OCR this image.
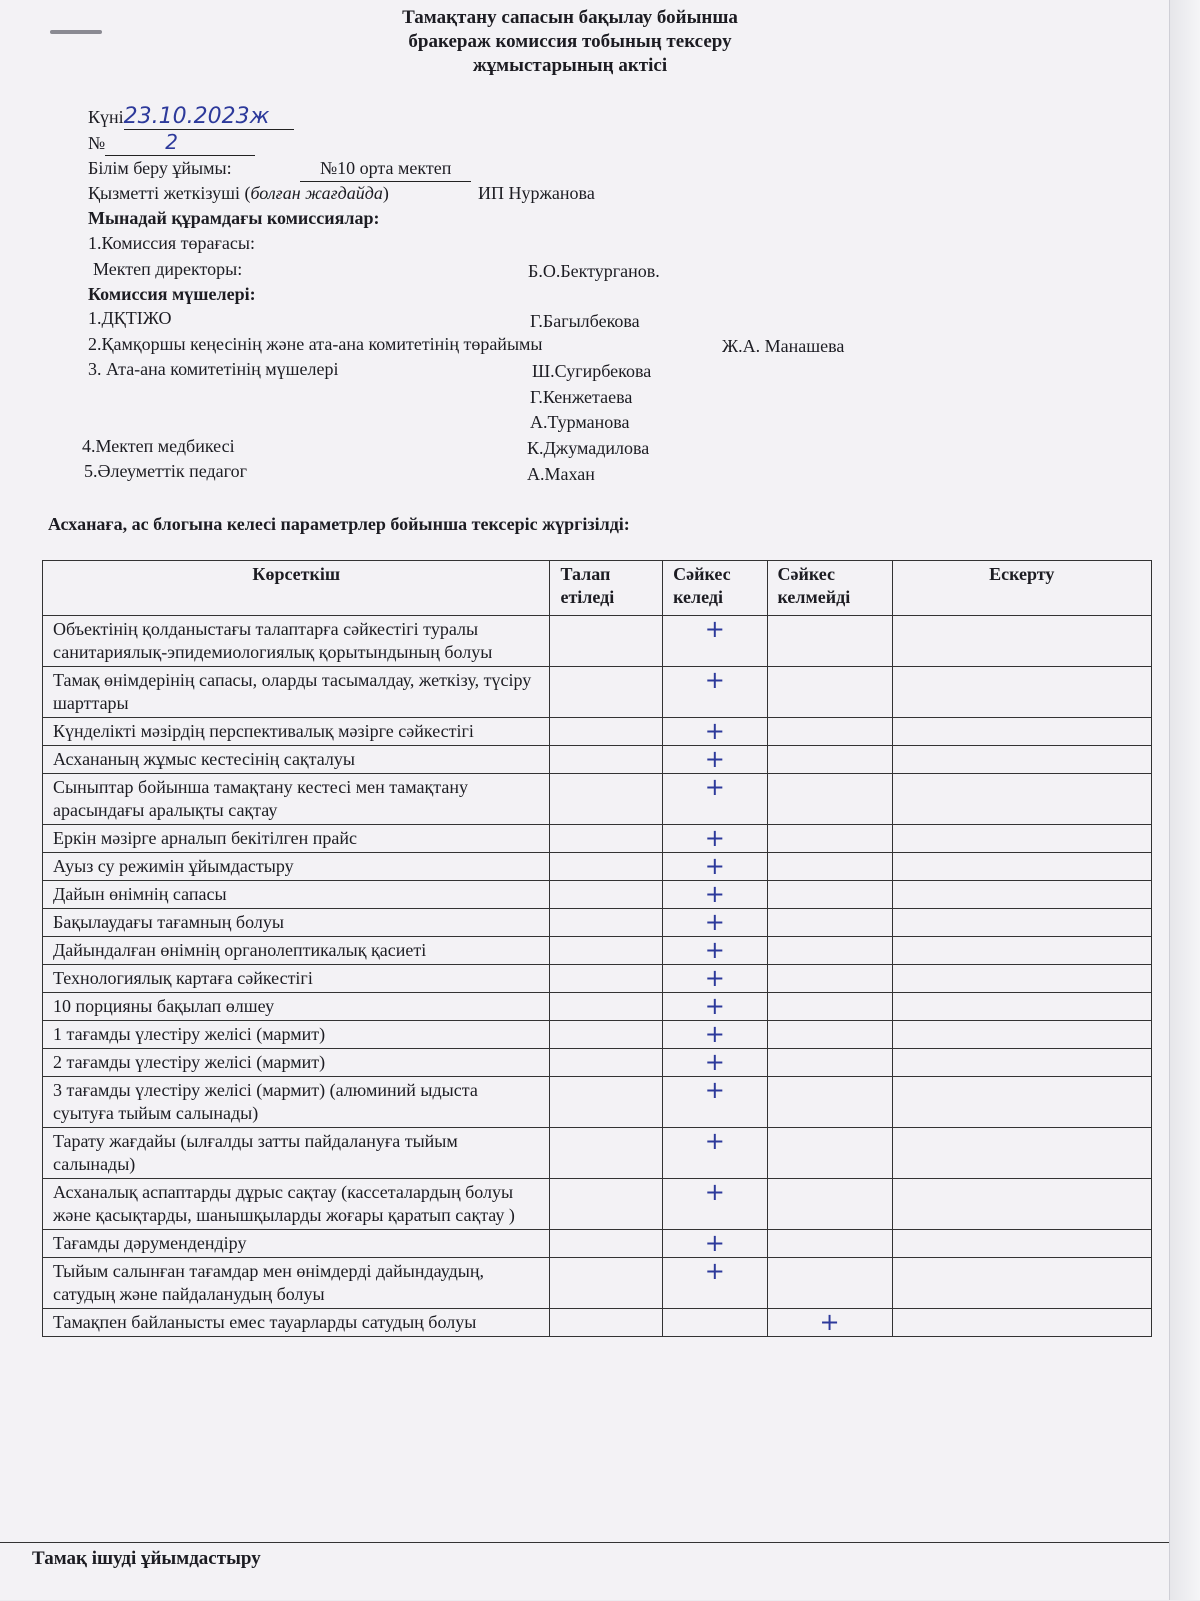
Тамақтану сапасын бақылау бойынша
бракераж комиссия тобының тексеру
жұмыстарының актісі
Күні23.10.2023ж
№	2
Білім беру ұйымы:	№10 орта мектеп
Қызметті жеткізуші (болған жағдайда)	ИП Нуржанова
Мынадай құрамдағы комиссиялар:
1.Комиссия төрағасы:
Мектеп директоры:	Б.О.Бектурганов.
Комиссия мүшелері:
1.ДҚТІЖО	Г.Багылбекова
2.Қамқоршы кеңесінің және ата-ана комитетінің төрайымы	Ж.А. Манашева
3. Ата-ана комитетінің мүшелері	Ш.Сугирбекова
Г.Кенжетаева
А.Турманова
4.Мектеп медбикесі	К.Джумадилова
5.Әлеуметтік педагог	А.Махан
Асханаға, ас блогына келесі параметрлер бойынша тексеріс жүргізілді:
Көрсеткіш	Талап етіледі	Сәйкес келеді	Сәйкес келмейді	Ескерту
Объектінің қолданыстағы талаптарға сәйкестігі туралы санитариялық-эпидемиологиялық қорытындының болуы		+		
Тамақ өнімдерінің сапасы, оларды тасымалдау, жеткізу, түсіру шарттары		+		
Күнделікті мәзірдің перспективалық мәзірге сәйкестігі		+		
Асхананың жұмыс кестесінің сақталуы		+		
Сыныптар бойынша тамақтану кестесі мен тамақтану арасындағы аралықты сақтау		+		
Еркін мәзірге арналып бекітілген прайс		+		
Ауыз су режимін ұйымдастыру		+		
Дайын өнімнің сапасы		+		
Бақылаудағы тағамның болуы		+		
Дайындалған өнімнің органолептикалық қасиеті		+		
Технологиялық картаға сәйкестігі		+		
10 порцияны бақылап өлшеу		+		
1 тағамды үлестіру желісі (мармит)		+		
2 тағамды үлестіру желісі (мармит)		+		
3 тағамды үлестіру желісі (мармит) (алюминий ыдыста суытуға тыйым салынады)		+		
Тарату жағдайы (ылғалды затты пайдалануға тыйым салынады)		+		
Асханалық аспаптарды дұрыс сақтау (кассеталардың болуы және қасықтарды, шанышқыларды жоғары қаратып сақтау )		+		
Тағамды дәрумендендіру		+		
Тыйым салынған тағамдар мен өнімдерді дайындаудың, сатудың және пайдаланудың болуы		+		
Тамақпен байланысты емес тауарларды сатудың болуы			+	
Тамақ ішуді ұйымдастыру
